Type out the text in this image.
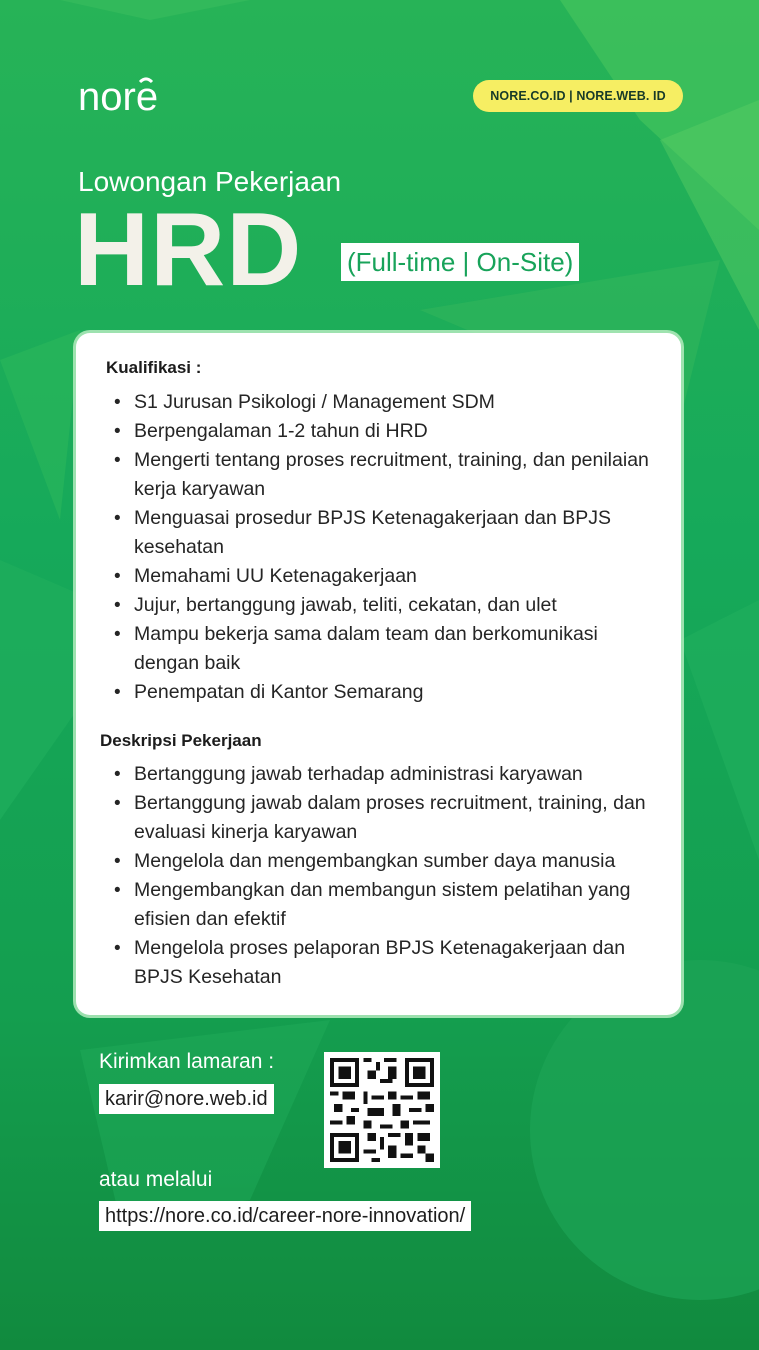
nore	NORE.CO.ID | NORE.WEB. ID
Lowongan Pekerjaan
HRD (Full-time | On-Site)
Kualifikasi :
• S1 Jurusan Psikologi / Management SDM
• Berpengalaman 1-2 tahun di HRD
• Mengerti tentang proses recruitment, training, dan penilaian kerja karyawan
• Menguasai prosedur BPJS Ketenagakerjaan dan BPJS kesehatan
• Memahami UU Ketenagakerjaan
• Jujur, bertanggung jawab, teliti, cekatan, dan ulet
• Mampu bekerja sama dalam team dan berkomunikasi dengan baik
• Penempatan di Kantor Semarang
Deskripsi Pekerjaan
• Bertanggung jawab terhadap administrasi karyawan
• Bertanggung jawab dalam proses recruitment, training, dan evaluasi kinerja karyawan
• Mengelola dan mengembangkan sumber daya manusia
• Mengembangkan dan membangun sistem pelatihan yang efisien dan efektif
• Mengelola proses pelaporan BPJS Ketenagakerjaan dan BPJS Kesehatan
Kirimkan lamaran :
karir@nore.web.id
atau melalui
https://nore.co.id/career-nore-innovation/
